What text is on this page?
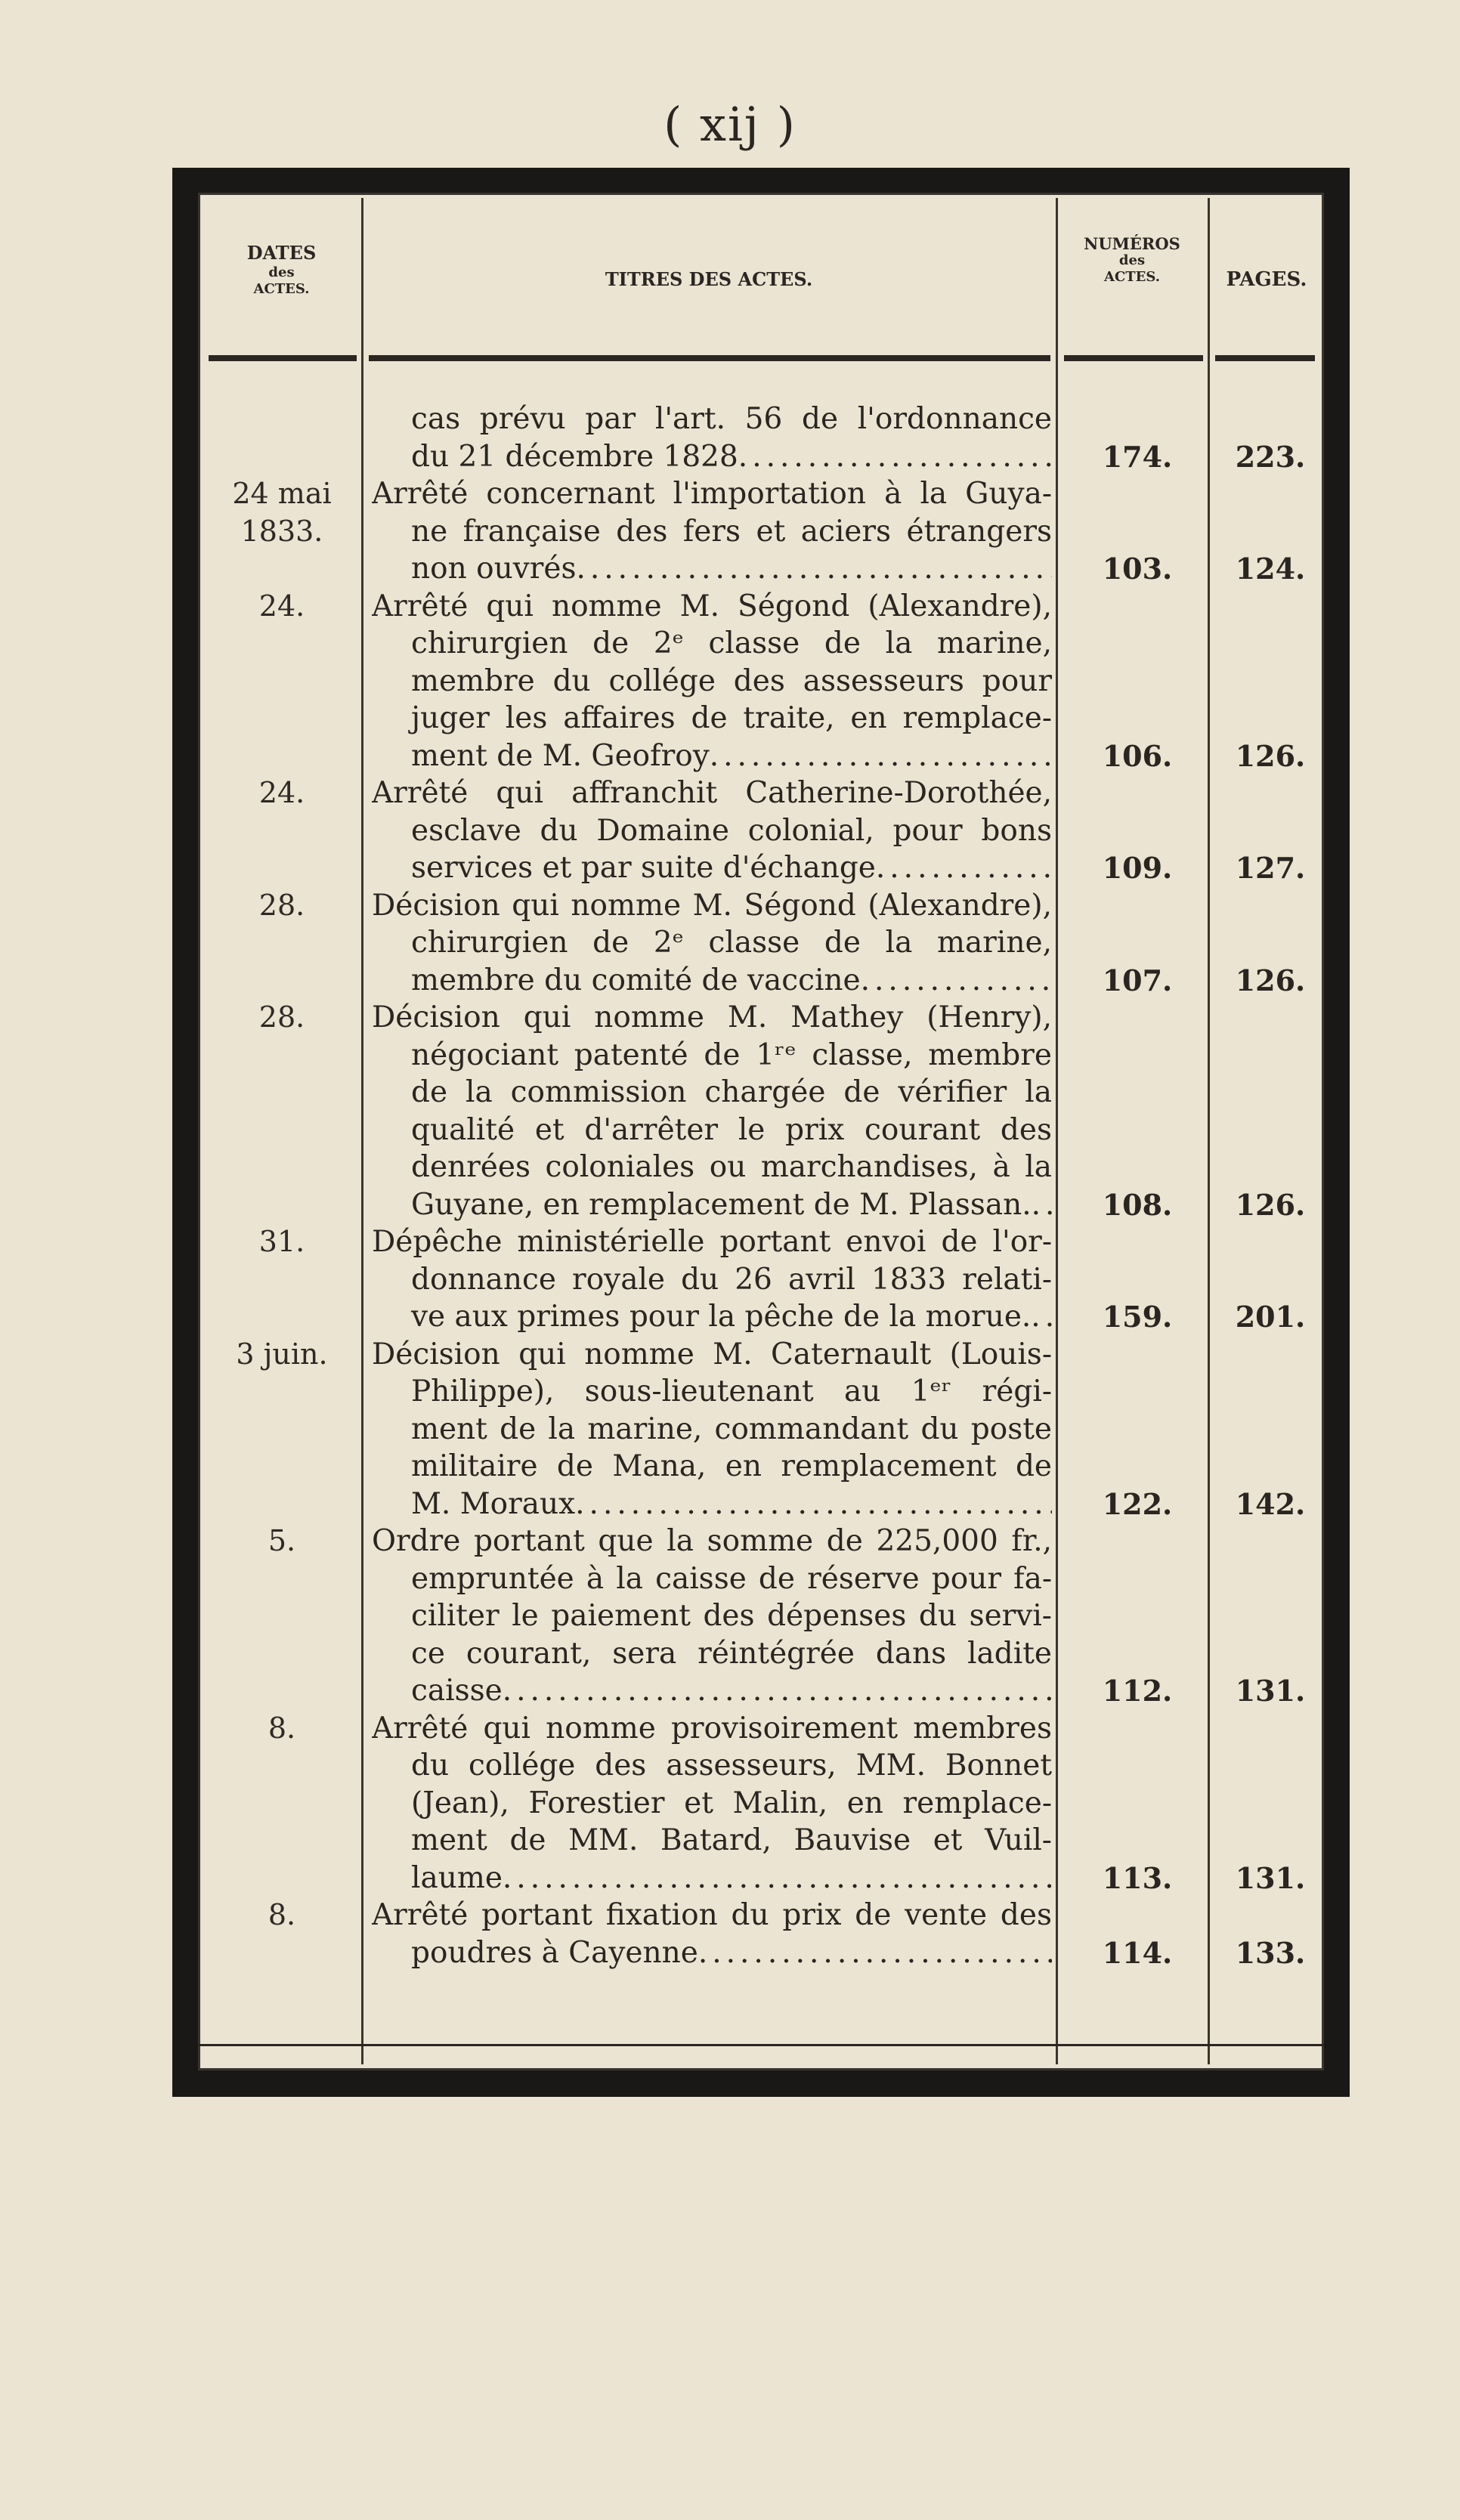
( xij )
DATES
des
ACTES.	TITRES DES ACTES.
NUMÉROS
des
ACTES.	PAGES.
cas prévu par l'art. 56 de l'ordonnance
du 21 décembre 1828 .....	174.	223.
24 mai
1833.
Arrêté concernant l'importation à la Guya-
ne française des fers et aciers étrangers
non ouvrés .....	103.	124.
24.	Arrêté qui nomme M. Ségond (Alexandre),
chirurgien de 2ᵉ classe de la marine,
membre du collége des assesseurs pour
juger les affaires de traite, en remplace-
ment de M. Geofroy .....	106.	126.
24.	Arrêté qui affranchit Catherine-Dorothée,
esclave du Domaine colonial, pour bons
services et par suite d'échange .....	109.	127.
28.	Décision qui nomme M. Ségond (Alexandre),
chirurgien de 2ᵉ classe de la marine,
membre du comité de vaccine .....	107.	126.
28.	Décision qui nomme M. Mathey (Henry),
négociant patenté de 1ʳᵉ classe, membre
de la commission chargée de vérifier la
qualité et d'arrêter le prix courant des
denrées coloniales ou marchandises, à la
Guyane, en remplacement de M. Plassan. .....	108.	126.
31.	Dépêche ministérielle portant envoi de l'or-
donnance royale du 26 avril 1833 relati-
ve aux primes pour la pêche de la morue. .....	159.	201.
3 juin.	Décision qui nomme M. Caternault (Louis-
Philippe), sous-lieutenant au 1ᵉʳ régi-
ment de la marine, commandant du poste
militaire de Mana, en remplacement de
M. Moraux .....	122.	142.
5.	Ordre portant que la somme de 225,000 fr.,
empruntée à la caisse de réserve pour fa-
ciliter le paiement des dépenses du servi-
ce courant, sera réintégrée dans ladite
caisse .....	112.	131.
8.	Arrêté qui nomme provisoirement membres
du collége des assesseurs, MM. Bonnet
(Jean), Forestier et Malin, en remplace-
ment de MM. Batard, Bauvise et Vuil-
laume .....	113.	131.
8.	Arrêté portant fixation du prix de vente des
poudres à Cayenne .....	114.	133.
